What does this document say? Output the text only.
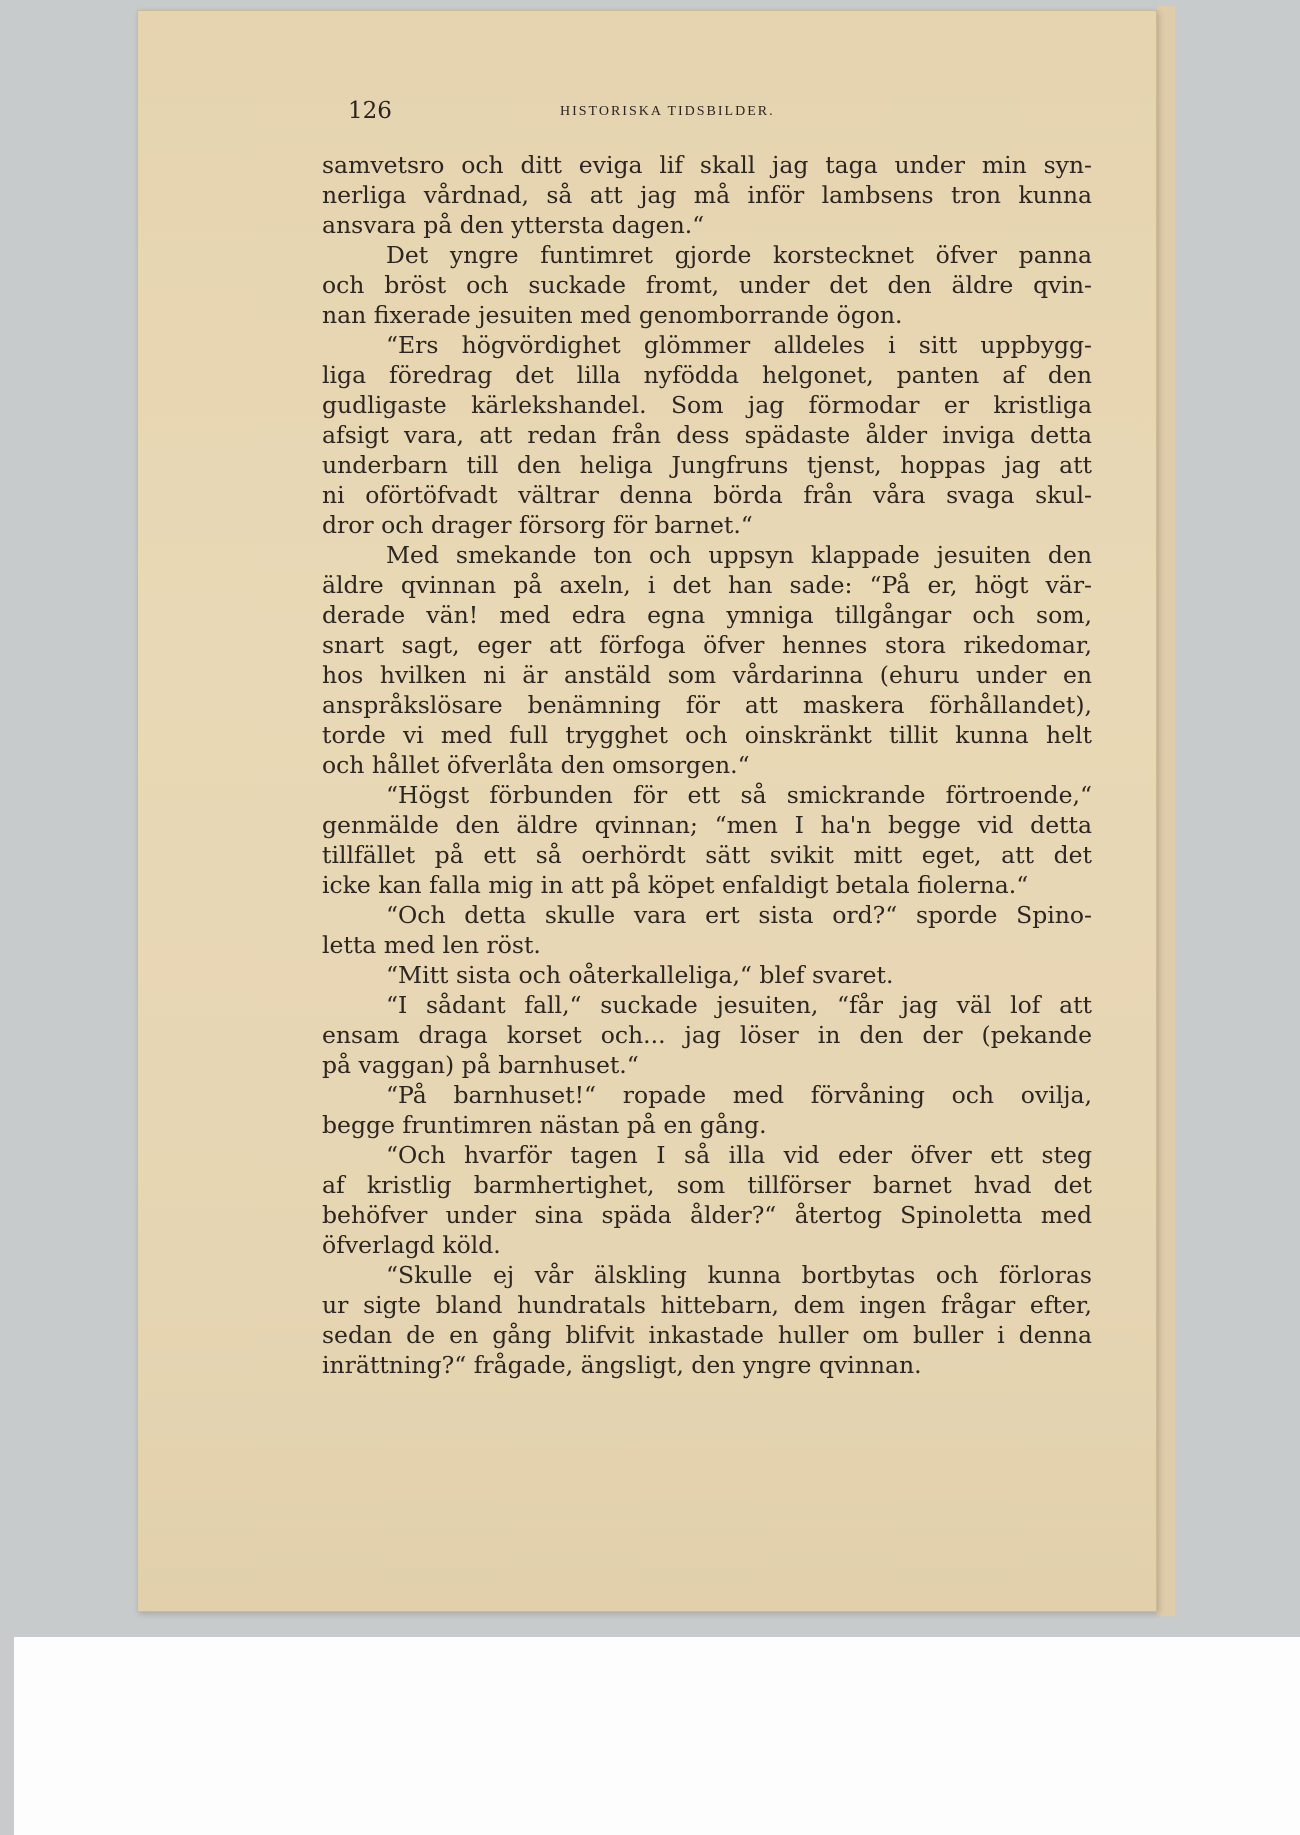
126	HISTORISKA TIDSBILDER.
samvetsro och ditt eviga lif skall jag taga under min syn-
nerliga vårdnad, så att jag må inför lambsens tron kunna
ansvara på den yttersta dagen.“
Det yngre funtimret gjorde korstecknet öfver panna
och bröst och suckade fromt, under det den äldre qvin-
nan fixerade jesuiten med genomborrande ögon.
“Ers högvördighet glömmer alldeles i sitt uppbygg-
liga föredrag det lilla nyfödda helgonet, panten af den
gudligaste kärlekshandel. Som jag förmodar er kristliga
afsigt vara, att redan från dess spädaste ålder inviga detta
underbarn till den heliga Jungfruns tjenst, hoppas jag att
ni oförtöfvadt vältrar denna börda från våra svaga skul-
dror och drager försorg för barnet.“
Med smekande ton och uppsyn klappade jesuiten den
äldre qvinnan på axeln, i det han sade: “På er, högt vär-
derade vän! med edra egna ymniga tillgångar och som,
snart sagt, eger att förfoga öfver hennes stora rikedomar,
hos hvilken ni är anstäld som vårdarinna (ehuru under en
anspråkslösare benämning för att maskera förhållandet),
torde vi med full trygghet och oinskränkt tillit kunna helt
och hållet öfverlåta den omsorgen.“
“Högst förbunden för ett så smickrande förtroende,“
genmälde den äldre qvinnan; “men I ha'n begge vid detta
tillfället på ett så oerhördt sätt svikit mitt eget, att det
icke kan falla mig in att på köpet enfaldigt betala fiolerna.“
“Och detta skulle vara ert sista ord?“ sporde Spino-
letta med len röst.
“Mitt sista och oåterkalleliga,“ blef svaret.
“I sådant fall,“ suckade jesuiten, “får jag väl lof att
ensam draga korset och... jag löser in den der (pekande
på vaggan) på barnhuset.“
“På barnhuset!“ ropade med förvåning och ovilja,
begge fruntimren nästan på en gång.
“Och hvarför tagen I så illa vid eder öfver ett steg
af kristlig barmhertighet, som tillförser barnet hvad det
behöfver under sina späda ålder?“ återtog Spinoletta med
öfverlagd köld.
“Skulle ej vår älskling kunna bortbytas och förloras
ur sigte bland hundratals hittebarn, dem ingen frågar efter,
sedan de en gång blifvit inkastade huller om buller i denna
inrättning?“ frågade, ängsligt, den yngre qvinnan.
